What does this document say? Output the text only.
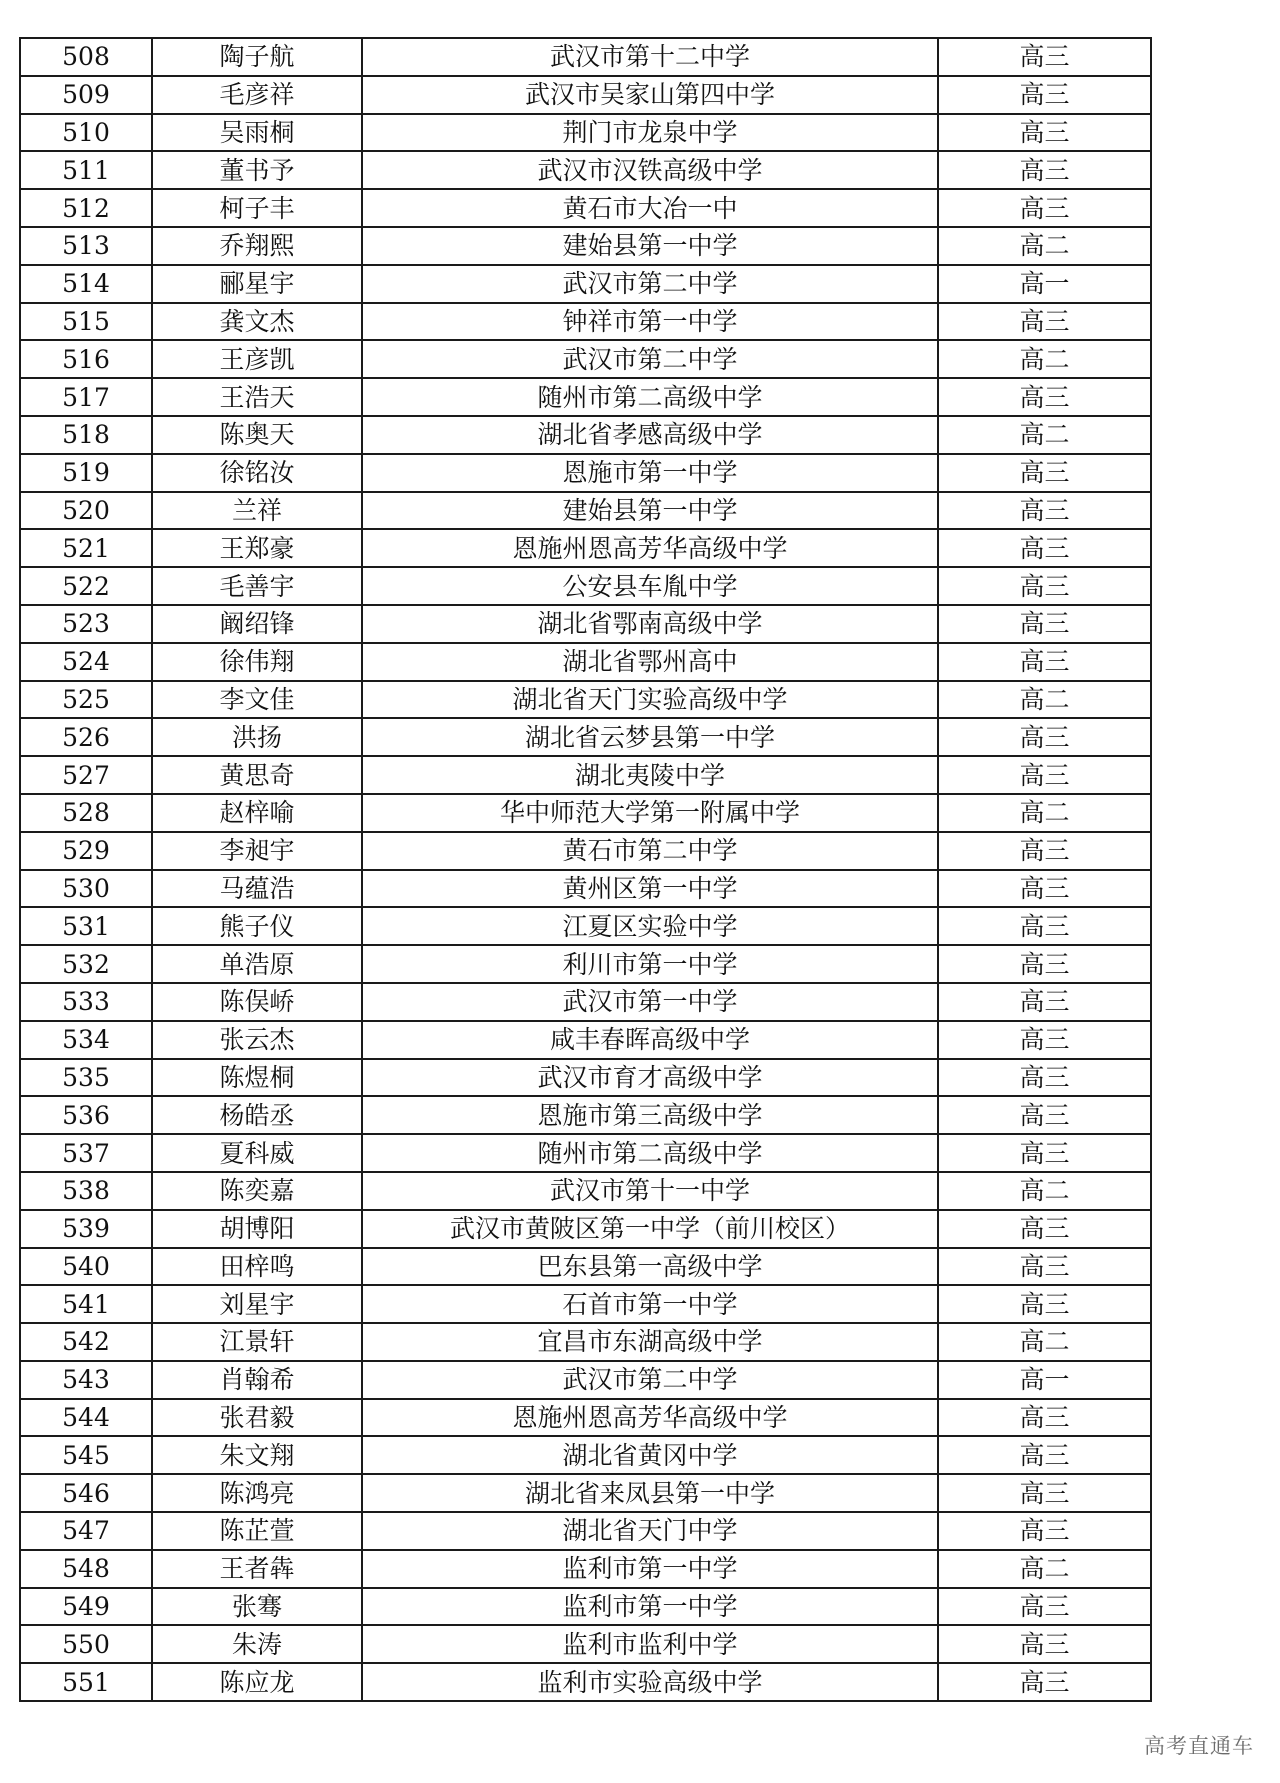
508	陶子航	武汉市第十二中学	高三
509	毛彦祥	武汉市吴家山第四中学	高三
510	吴雨桐	荆门市龙泉中学	高三
511	董书予	武汉市汉铁高级中学	高三
512	柯子丰	黄石市大冶一中	高三
513	乔翔熙	建始县第一中学	高二
514	郦星宇	武汉市第二中学	高一
515	龚文杰	钟祥市第一中学	高三
516	王彦凯	武汉市第二中学	高二
517	王浩天	随州市第二高级中学	高三
518	陈奥天	湖北省孝感高级中学	高二
519	徐铭汝	恩施市第一中学	高三
520	兰祥	建始县第一中学	高三
521	王郑豪	恩施州恩高芳华高级中学	高三
522	毛善宇	公安县车胤中学	高三
523	阚绍锋	湖北省鄂南高级中学	高三
524	徐伟翔	湖北省鄂州高中	高三
525	李文佳	湖北省天门实验高级中学	高二
526	洪扬	湖北省云梦县第一中学	高三
527	黄思奇	湖北夷陵中学	高三
528	赵梓喻	华中师范大学第一附属中学	高二
529	李昶宇	黄石市第二中学	高三
530	马蕴浩	黄州区第一中学	高三
531	熊子仪	江夏区实验中学	高三
532	单浩原	利川市第一中学	高三
533	陈俣峤	武汉市第一中学	高三
534	张云杰	咸丰春晖高级中学	高三
535	陈煜桐	武汉市育才高级中学	高三
536	杨皓丞	恩施市第三高级中学	高三
537	夏科威	随州市第二高级中学	高三
538	陈奕嘉	武汉市第十一中学	高二
539	胡博阳	武汉市黄陂区第一中学（前川校区）	高三
540	田梓鸣	巴东县第一高级中学	高三
541	刘星宇	石首市第一中学	高三
542	江景轩	宜昌市东湖高级中学	高二
543	肖翰希	武汉市第二中学	高一
544	张君毅	恩施州恩高芳华高级中学	高三
545	朱文翔	湖北省黄冈中学	高三
546	陈鸿亮	湖北省来凤县第一中学	高三
547	陈芷萱	湖北省天门中学	高三
548	王者犇	监利市第一中学	高二
549	张骞	监利市第一中学	高三
550	朱涛	监利市监利中学	高三
551	陈应龙	监利市实验高级中学	高三
高考直通车
